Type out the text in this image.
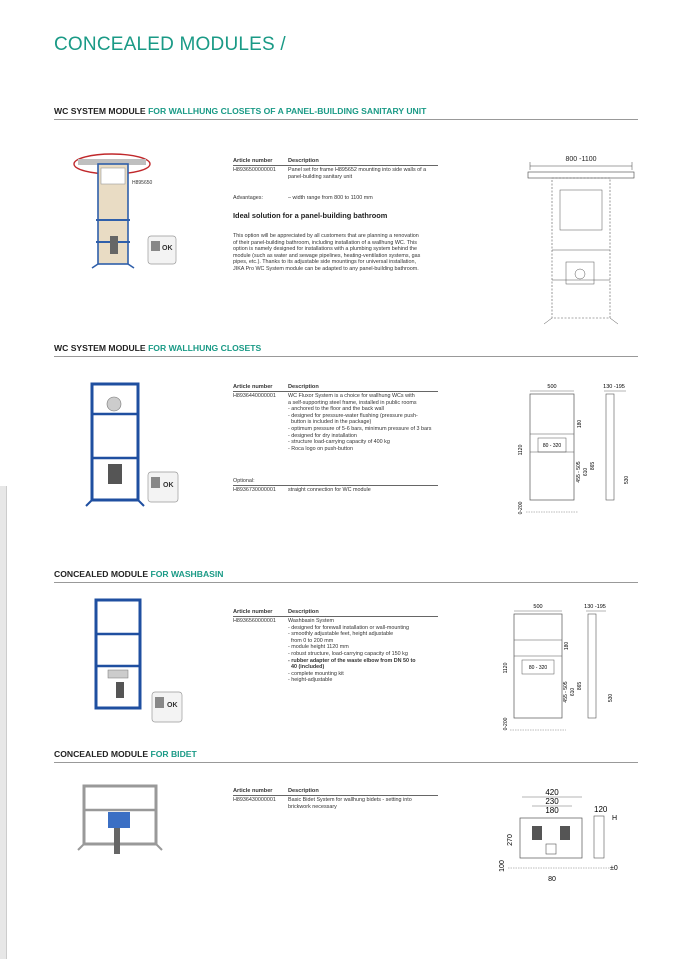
CONCEALED MODULES /
WC SYSTEM MODULE FOR WALLHUNG CLOSETS OF A PANEL-BUILDING SANITARY UNIT
H895650
OK
Article number	Description
H8936500000001 Panel set for frame H895652 mounting into side walls of a
panel-building sanitary unit
Advantages:	– width range from 800 to 1100 mm
Ideal solution for a panel-building bathroom
This option will be appreciated by all customers that are planning a renovation
of their panel-building bathroom, including installation of a wallhung WC. This
option is namely designed for installations with a plumbing system behind the
module (such as water and sewage pipelines, heating-ventilation systems, gas
pipes, etc.). Thanks to its adjustable side mountings for universal installation,
JIKA Pro WC System module can be adapted to any panel-building bathroom.
800 -1100
WC SYSTEM MODULE FOR WALLHUNG CLOSETS
OK
Article number	Description
H8936440000001 WC Fluxor System is a choice for wallhung WCs with
a self-supporting steel frame, installed in public rooms
- anchored to the floor and the back wall
- designed for pressure-water flushing (pressure push-
button is included in the package)
- optimum pressure of 5-6 bars, minimum pressure of 3 bars
- designed for dry installation
- structure load-carrying capacity of 400 kg
- Roca logo on push-button
Optional:
H8936730000001 straight connection for WC module
500	130 -195
80 - 320
1120
180
455 - 505 610
865
530
0-200
CONCEALED MODULE FOR WASHBASIN
OK
Article number	Description
H8936560000001 Washbasin System
- designed for forewall installation or wall-mounting
- smoothly adjustable feet, height adjustable
from 0 to 200 mm
- module height 1120 mm
- robust structure, load-carrying capacity of 150 kg
- rubber adapter of the waste elbow from DN 50 to
40 (included)
- complete mounting kit
- height-adjustable
500	130 -195
80 - 320
1120
180
455 - 505 610
865
530
0-200
CONCEALED MODULE FOR BIDET
Article number	Description
H8936430000001 Basic Bidet System for wallhung bidets - setting into
brickwork necessary
420
230
180	120
H
270
100
80
±0
